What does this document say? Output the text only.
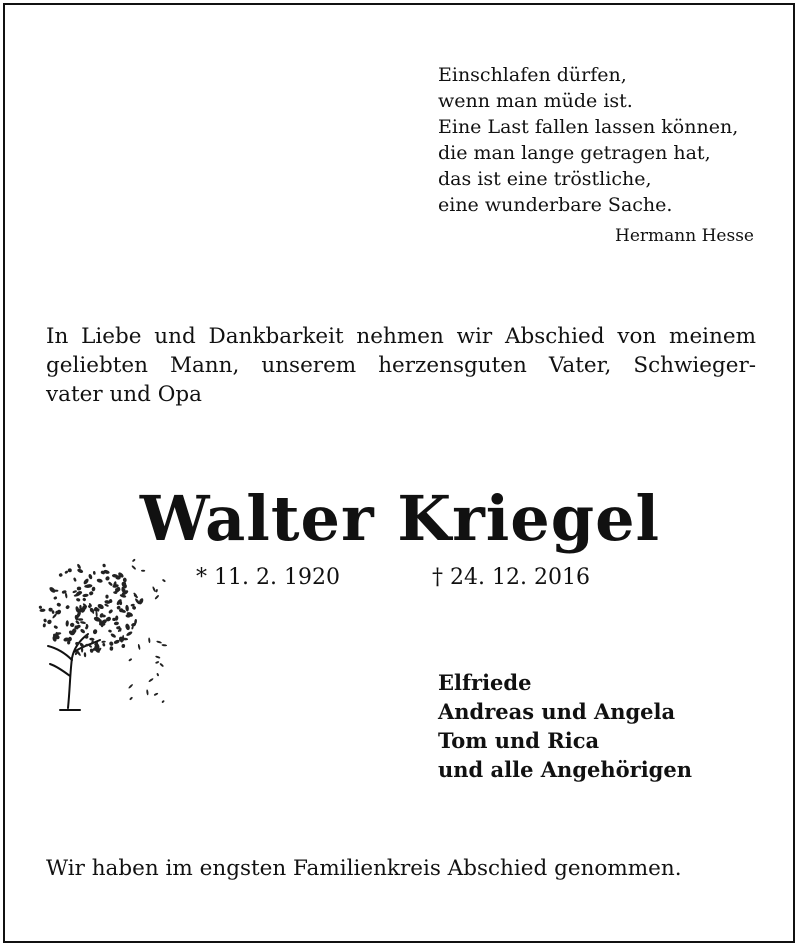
Einschlafen dürfen,
wenn man müde ist.
Eine Last fallen lassen können,
die man lange getragen hat,
das ist eine tröstliche,
eine wunderbare Sache.
Hermann Hesse
In Liebe und Dankbarkeit nehmen wir Abschied von meinem
geliebten Mann, unserem herzensguten Vater, Schwieger-
vater und Opa
Walter Kriegel
* 11. 2. 1920	† 24. 12. 2016
Elfriede
Andreas und Angela
Tom und Rica
und alle Angehörigen
Wir haben im engsten Familienkreis Abschied genommen.
